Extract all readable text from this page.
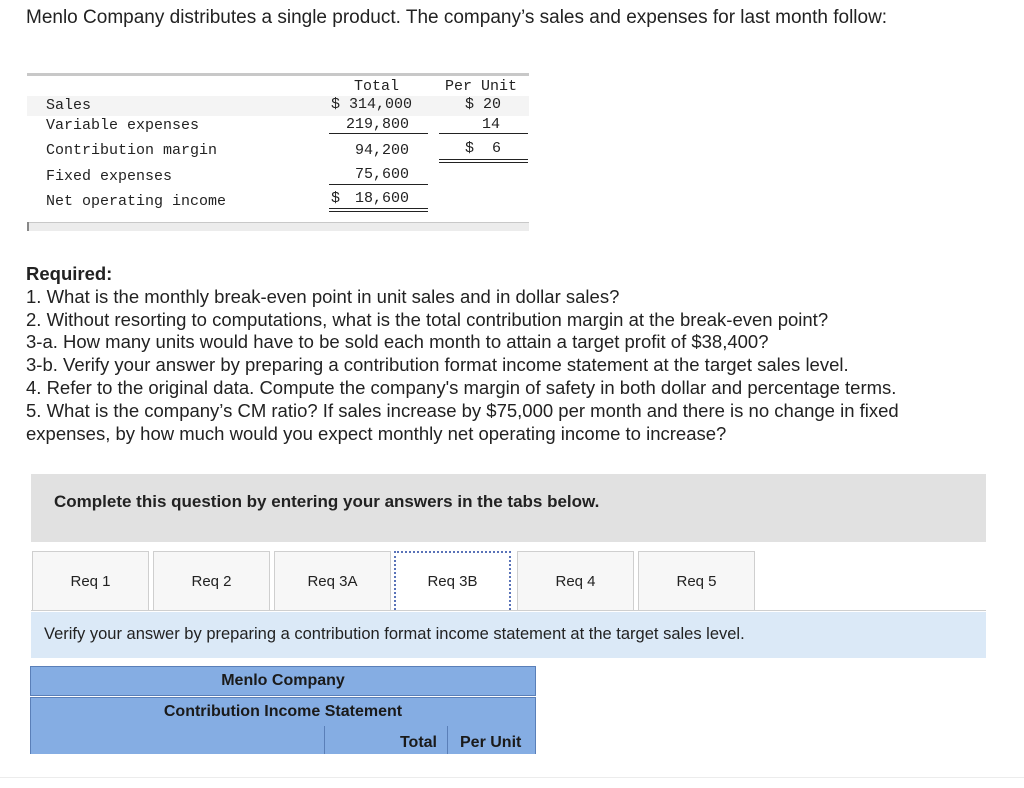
Menlo Company distributes a single product. The company’s sales and expenses for last month follow:
Total	Per Unit
Sales	$ 314,000	$ 20
Variable expenses	219,800	14
Contribution margin	94,200	$  6
Fixed expenses	75,600
Net operating income	$ 18,600

Required:

1. What is the monthly break-even point in unit sales and in dollar sales?

2. Without resorting to computations, what is the total contribution margin at the break-even point?

3-a. How many units would have to be sold each month to attain a target profit of $38,400?

3-b. Verify your answer by preparing a contribution format income statement at the target sales level.

4. Refer to the original data. Compute the company's margin of safety in both dollar and percentage terms.

5. What is the company’s CM ratio? If sales increase by $75,000 per month and there is no change in fixed

expenses, by how much would you expect monthly net operating income to increase?

Complete this question by entering your answers in the tabs below.
Req 1	Req 2	Req 3A	Req 3B	Req 4	Req 5
Verify your answer by preparing a contribution format income statement at the target sales level.
Menlo Company
Contribution Income Statement
Total	Per Unit
